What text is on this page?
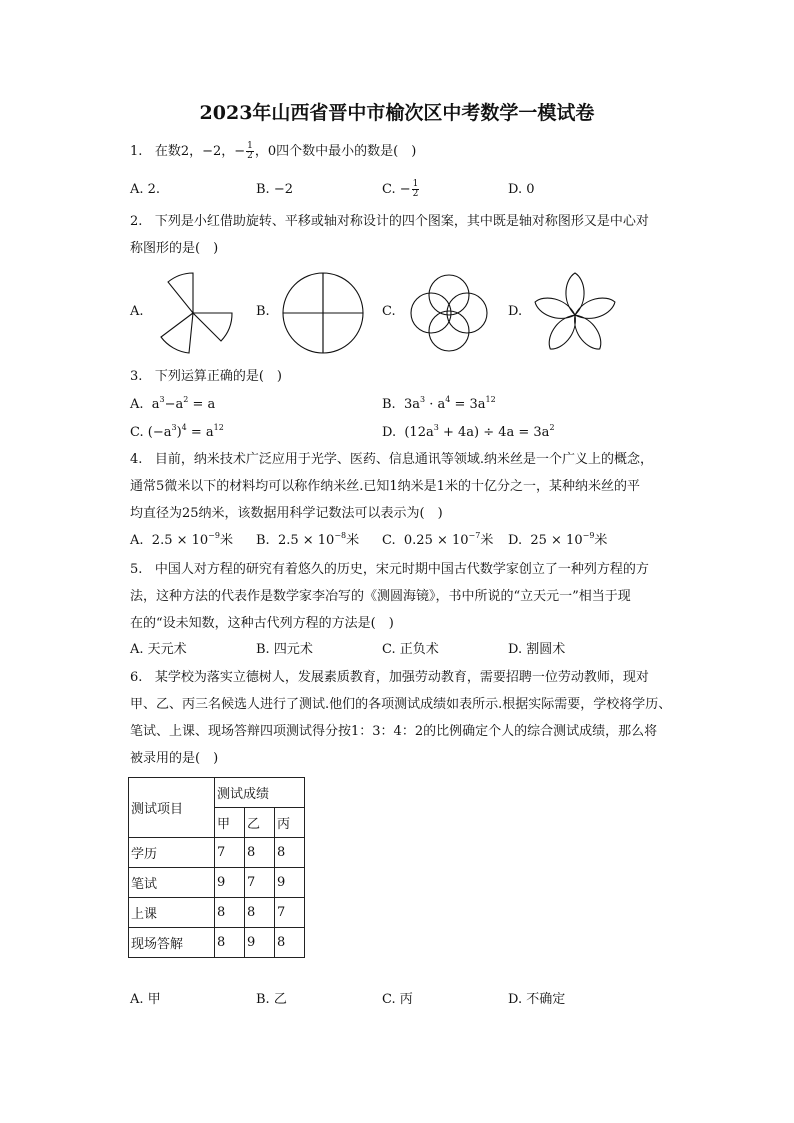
2023年山西省晋中市榆次区中考数学一模试卷
1. 在数2，−2，− $\frac{1}{2}$ ，0四个数中最小的数是(　)
A. 2.	B. −2	C. − $\frac{1}{2}$	D. 0
2. 下列是小红借助旋转、平移或轴对称设计的四个图案，其中既是轴对称图形又是中心对
称图形的是(　)
A.	B.	C.	D.
3. 下列运算正确的是(　)
A.  $a^3-a^2 = a$	B.  $3a^3 \cdot a^4 = 3a^{12}$
C. $(-a^3)^4 = a^{12}$	D.  $(12a^3 + 4a) \div 4a = 3a^2$
4. 目前，纳米技术广泛应用于光学、医药、信息通讯等领域.纳米丝是一个广义上的概念，
通常5微米以下的材料均可以称作纳米丝.已知1纳米是1米的十亿分之一，某种纳米丝的平
均直径为25纳米，该数据用科学记数法可以表示为(　)
A.  $2.5 \times 10^{-9}$米 B.  $2.5 \times 10^{-8}$米 C.  $0.25 \times 10^{-7}$米 D.  $25 \times 10^{-9}$米
5. 中国人对方程的研究有着悠久的历史，宋元时期中国古代数学家创立了一种列方程的方
法，这种方法的代表作是数学家李冶写的《测圆海镜》，书中所说的“立天元一”相当于现
在的“设未知数，这种古代列方程的方法是(　)
A. 天元术	B. 四元术	C. 正负术	D. 割圆术
6. 某学校为落实立德树人，发展素质教育，加强劳动教育，需要招聘一位劳动教师，现对
甲、乙、丙三名候选人进行了测试.他们的各项测试成绩如表所示.根据实际需要，学校将学历、
笔试、上课、现场答辩四项测试得分按1：3：4：2的比例确定个人的综合测试成绩，那么将
被录用的是(　)
测试项目	测试成绩		
	甲	乙	丙
学历	7	8	8
笔试	9	7	9
上课	8	8	7
现场答解	8	9	8
A. 甲	B. 乙	C. 丙	D. 不确定
